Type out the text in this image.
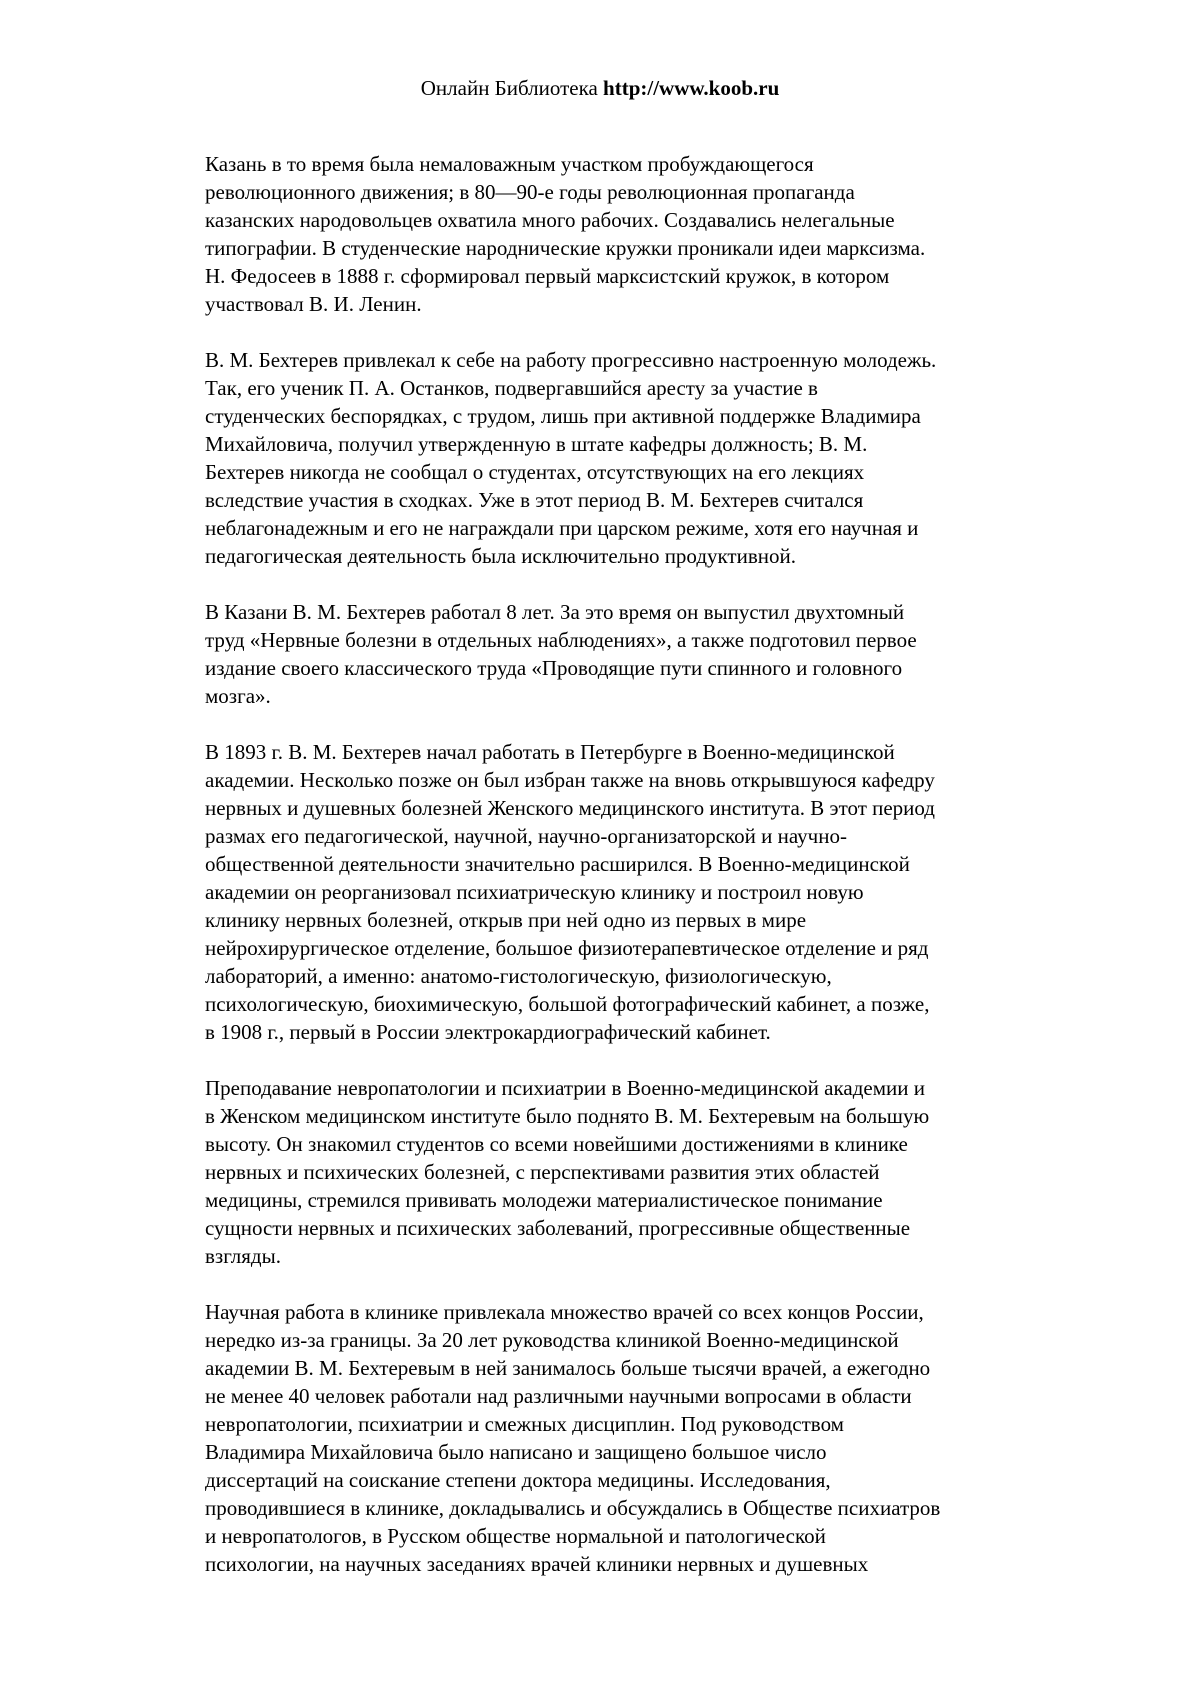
Онлайн Библиотека http://www.koob.ru

Казань в то время была немаловажным участком пробуждающегося
революционного движения; в 80—90-е годы революционная пропаганда
казанских народовольцев охватила много рабочих. Создавались нелегальные
типографии. В студенческие народнические кружки проникали идеи марксизма.
Н. Федосеев в 1888 г. сформировал первый марксистский кружок, в котором
участвовал В. И. Ленин.

В. М. Бехтерев привлекал к себе на работу прогрессивно настроенную молодежь.
Так, его ученик П. А. Останков, подвергавшийся аресту за участие в
студенческих беспорядках, с трудом, лишь при активной поддержке Владимира
Михайловича, получил утвержденную в штате кафедры должность; В. М.
Бехтерев никогда не сообщал о студентах, отсутствующих на его лекциях
вследствие участия в сходках. Уже в этот период В. М. Бехтерев считался
неблагонадежным и его не награждали при царском режиме, хотя его научная и
педагогическая деятельность была исключительно продуктивной.

В Казани В. М. Бехтерев работал 8 лет. За это время он выпустил двухтомный
труд «Нервные болезни в отдельных наблюдениях», а также подготовил первое
издание своего классического труда «Проводящие пути спинного и головного
мозга».

В 1893 г. В. М. Бехтерев начал работать в Петербурге в Военно-медицинской
академии. Несколько позже он был избран также на вновь открывшуюся кафедру
нервных и душевных болезней Женского медицинского института. В этот период
размах его педагогической, научной, научно-организаторской и научно-
общественной деятельности значительно расширился. В Военно-медицинской
академии он реорганизовал психиатрическую клинику и построил новую
клинику нервных болезней, открыв при ней одно из первых в мире
нейрохирургическое отделение, большое физиотерапевтическое отделение и ряд
лабораторий, а именно: анатомо-гистологическую, физиологическую,
психологическую, биохимическую, большой фотографический кабинет, а позже,
в 1908 г., первый в России электрокардиографический кабинет.

Преподавание невропатологии и психиатрии в Военно-медицинской академии и
в Женском медицинском институте было поднято В. М. Бехтеревым на большую
высоту. Он знакомил студентов со всеми новейшими достижениями в клинике
нервных и психических болезней, с перспективами развития этих областей
медицины, стремился прививать молодежи материалистическое понимание
сущности нервных и психических заболеваний, прогрессивные общественные
взгляды.

Научная работа в клинике привлекала множество врачей со всех концов России,
нередко из-за границы. За 20 лет руководства клиникой Военно-медицинской
академии В. М. Бехтеревым в ней занималось больше тысячи врачей, а ежегодно
не менее 40 человек работали над различными научными вопросами в области
невропатологии, психиатрии и смежных дисциплин. Под руководством
Владимира Михайловича было написано и защищено большое число
диссертаций на соискание степени доктора медицины. Исследования,
проводившиеся в клинике, докладывались и обсуждались в Обществе психиатров
и невропатологов, в Русском обществе нормальной и патологической
психологии, на научных заседаниях врачей клиники нервных и душевных
